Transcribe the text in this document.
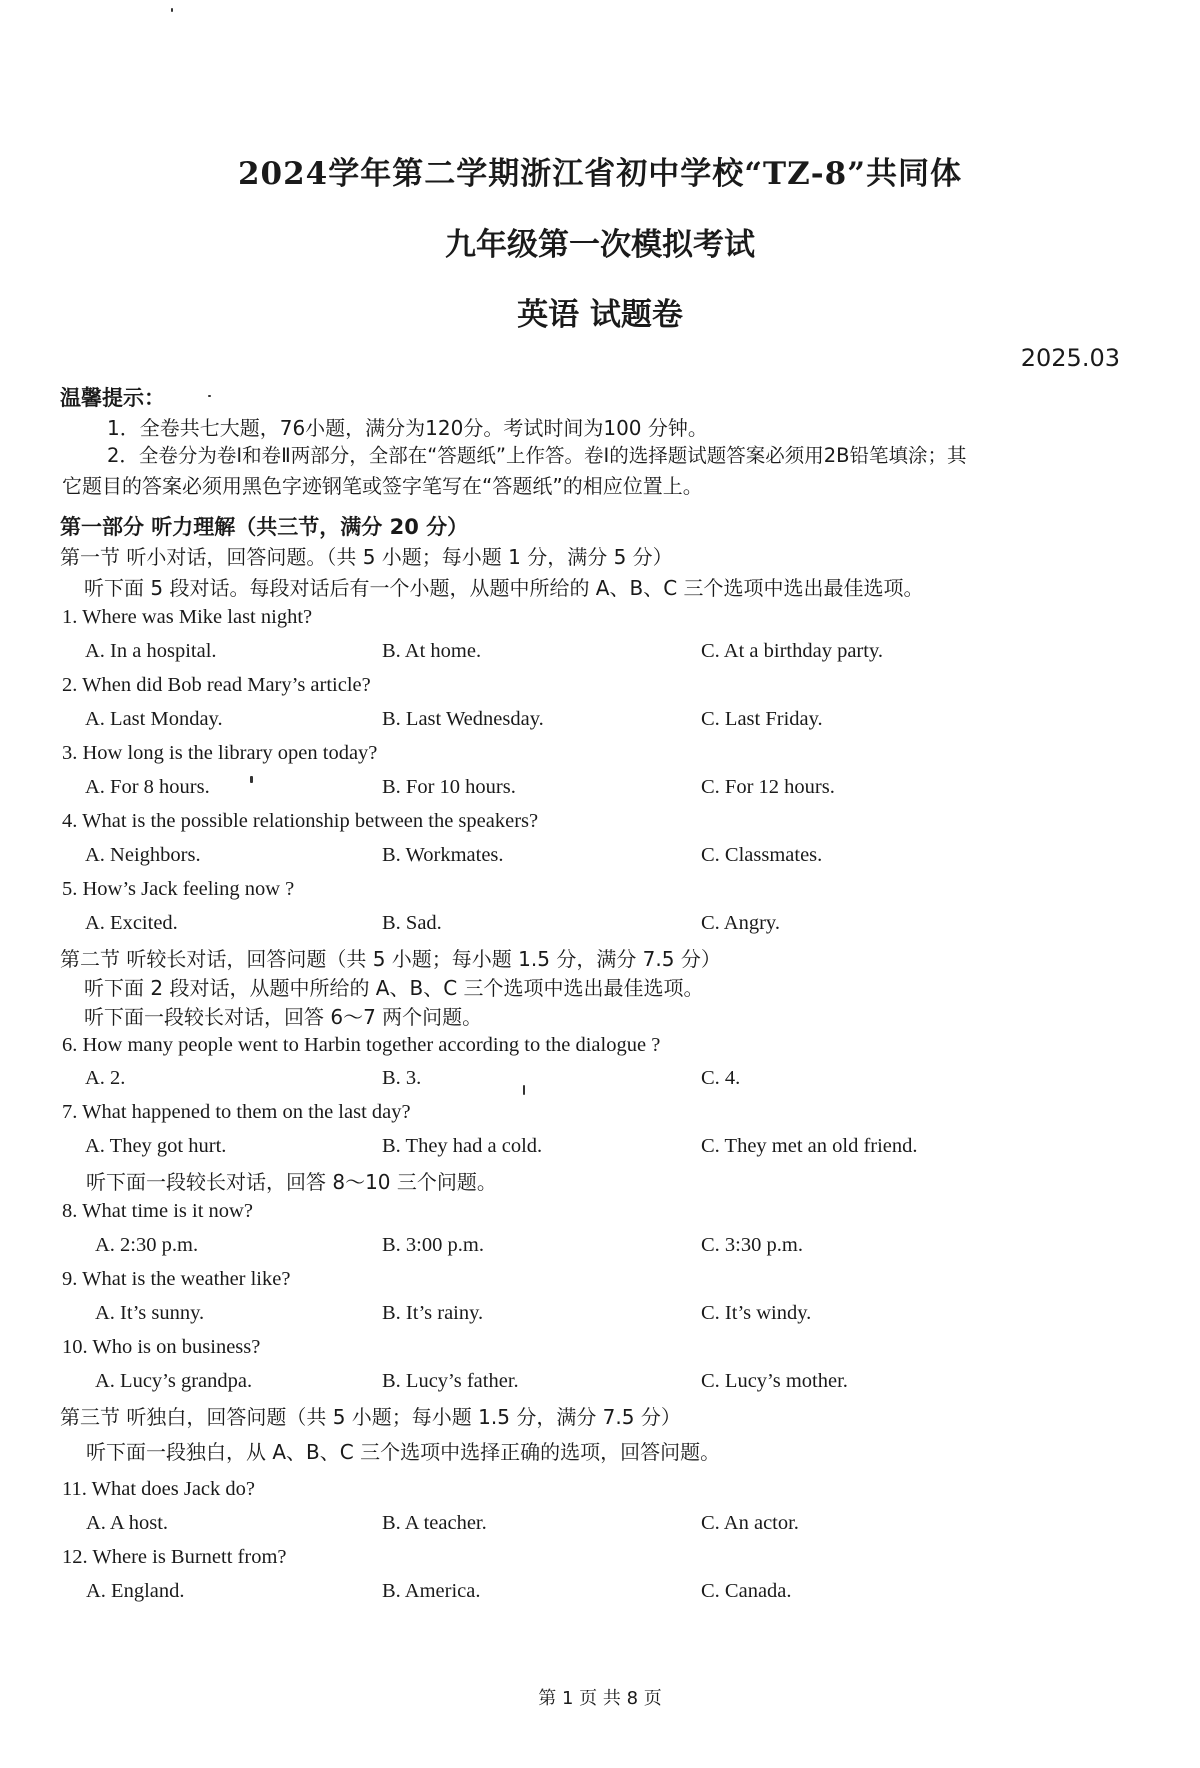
2024学年第二学期浙江省初中学校“TZ-8”共同体
九年级第一次模拟考试
英语 试题卷
2025.03
温馨提示：
1．全卷共七大题，76小题，满分为120分。考试时间为100 分钟。
2．全卷分为卷Ⅰ和卷Ⅱ两部分，全部在“答题纸”上作答。卷Ⅰ的选择题试题答案必须用2B铅笔填涂；其
它题目的答案必须用黑色字迹钢笔或签字笔写在“答题纸”的相应位置上。
第一部分 听力理解（共三节，满分 20 分）
第一节 听小对话，回答问题。（共 5 小题；每小题 1 分，满分 5 分）
听下面 5 段对话。每段对话后有一个小题，从题中所给的 A、B、C 三个选项中选出最佳选项。
1. Where was Mike last night?
A. In a hospital.	B. At home.	C. At a birthday party.
2. When did Bob read Mary’s article?
A. Last Monday.	B. Last Wednesday.	C. Last Friday.
3. How long is the library open today?
A. For 8 hours.	B. For 10 hours.	C. For 12 hours.
4. What is the possible relationship between the speakers?
A. Neighbors.	B. Workmates.	C. Classmates.
5. How’s Jack feeling now ?
A. Excited.	B. Sad.	C. Angry.
第二节 听较长对话，回答问题（共 5 小题；每小题 1.5 分，满分 7.5 分）
听下面 2 段对话，从题中所给的 A、B、C 三个选项中选出最佳选项。
听下面一段较长对话，回答 6～7 两个问题。
6. How many people went to Harbin together according to the dialogue ?
A. 2.	B. 3.	C. 4.
7. What happened to them on the last day?
A. They got hurt.	B. They had a cold.	C. They met an old friend.
听下面一段较长对话，回答 8～10 三个问题。
8. What time is it now?
A. 2:30 p.m.	B. 3:00 p.m.	C. 3:30 p.m.
9. What is the weather like?
A. It’s sunny.	B. It’s rainy.	C. It’s windy.
10. Who is on business?
A. Lucy’s grandpa.	B. Lucy’s father.	C. Lucy’s mother.
第三节 听独白，回答问题（共 5 小题；每小题 1.5 分，满分 7.5 分）
听下面一段独白，从 A、B、C 三个选项中选择正确的选项，回答问题。
11. What does Jack do?
A. A host.	B. A teacher.	C. An actor.
12. Where is Burnett from?
A. England.	B. America.	C. Canada.
第 1 页 共 8 页
